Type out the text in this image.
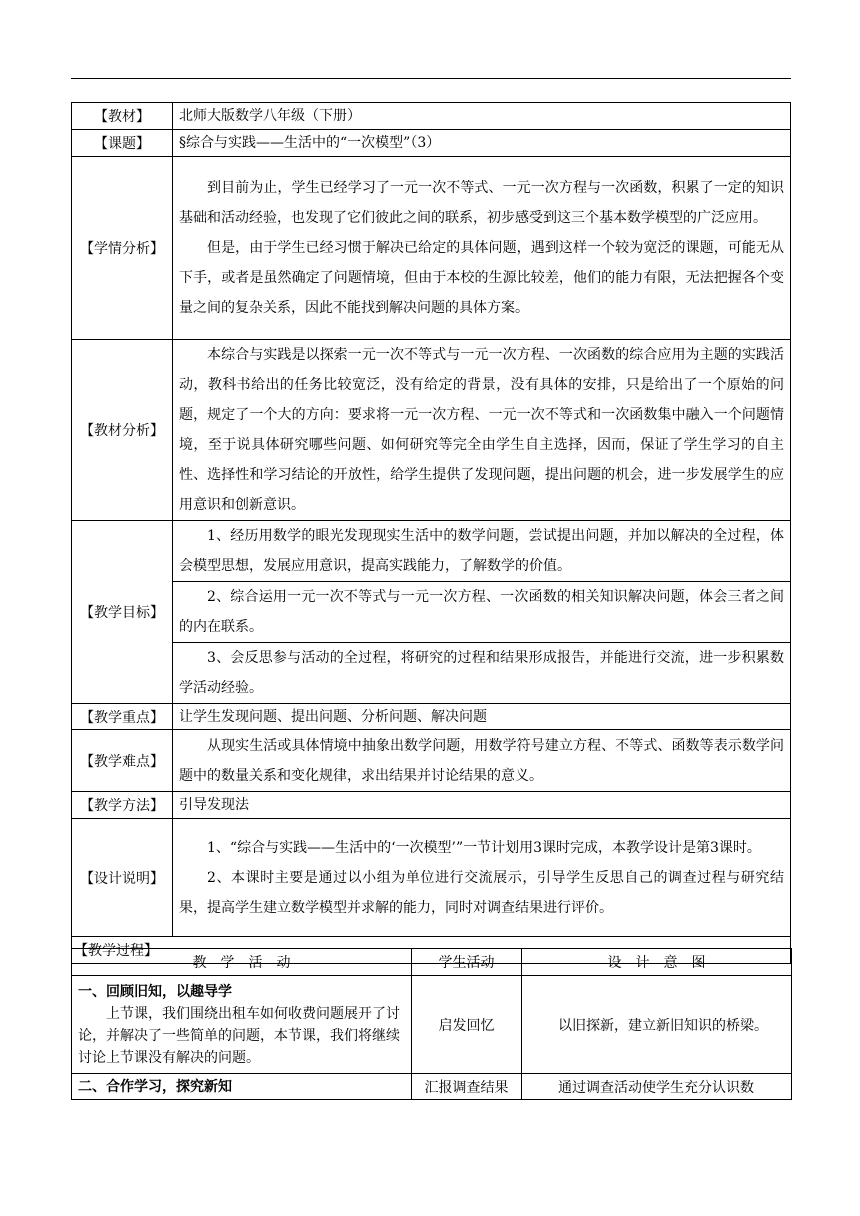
【教材】	北师大版数学八年级（下册）
【课题】	§综合与实践——生活中的“一次模型”（3）
【学情分析】	到目前为止，学生已经学习了一元一次不等式、一元一次方程与一次函数，积累了一定的知识基础和活动经验，也发现了它们彼此之间的联系，初步感受到这三个基本数学模型的广泛应用。

但是，由于学生已经习惯于解决已给定的具体问题，遇到这样一个较为宽泛的课题，可能无从下手，或者是虽然确定了问题情境，但由于本校的生源比较差，他们的能力有限，无法把握各个变量之间的复杂关系，因此不能找到解决问题的具体方案。

【教材分析】	本综合与实践是以探索一元一次不等式与一元一次方程、一次函数的综合应用为主题的实践活动，教科书给出的任务比较宽泛，没有给定的背景，没有具体的安排，只是给出了一个原始的问题，规定了一个大的方向：要求将一元一次方程、一元一次不等式和一次函数集中融入一个问题情境，至于说具体研究哪些问题、如何研究等完全由学生自主选择，因而，保证了学生学习的自主性、选择性和学习结论的开放性，给学生提供了发现问题，提出问题的机会，进一步发展学生的应用意识和创新意识。

【教学目标】	1、经历用数学的眼光发现现实生活中的数学问题，尝试提出问题，并加以解决的全过程，体会模型思想，发展应用意识，提高实践能力，了解数学的价值。

	2、综合运用一元一次不等式与一元一次方程、一次函数的相关知识解决问题，体会三者之间的内在联系。

	3、会反思参与活动的全过程，将研究的过程和结果形成报告，并能进行交流，进一步积累数学活动经验。

【教学重点】	让学生发现问题、提出问题、分析问题、解决问题
【教学难点】	从现实生活或具体情境中抽象出数学问题，用数学符号建立方程、不等式、函数等表示数学问题中的数量关系和变化规律，求出结果并讨论结果的意义。

【教学方法】	引导发现法
【设计说明】	1、“综合与实践——生活中的‘一次模型’”一节计划用3课时完成，本教学设计是第3课时。

2、本课时主要是通过以小组为单位进行交流展示，引导学生反思自己的调查过程与研究结果，提高学生建立数学模型并求解的能力，同时对调查结果进行评价。

【教学过程】	
教　学　活　动	学生活动	设　计　意　图

一、回顾旧知，以趣导学

上节课，我们围绕出租车如何收费问题展开了讨论，并解决了一些简单的问题，本节课，我们将继续讨论上节课没有解决的问题。	启发回忆	以旧探新，建立新旧知识的桥梁。

二、合作学习，探究新知	汇报调查结果	通过调查活动使学生充分认识数
